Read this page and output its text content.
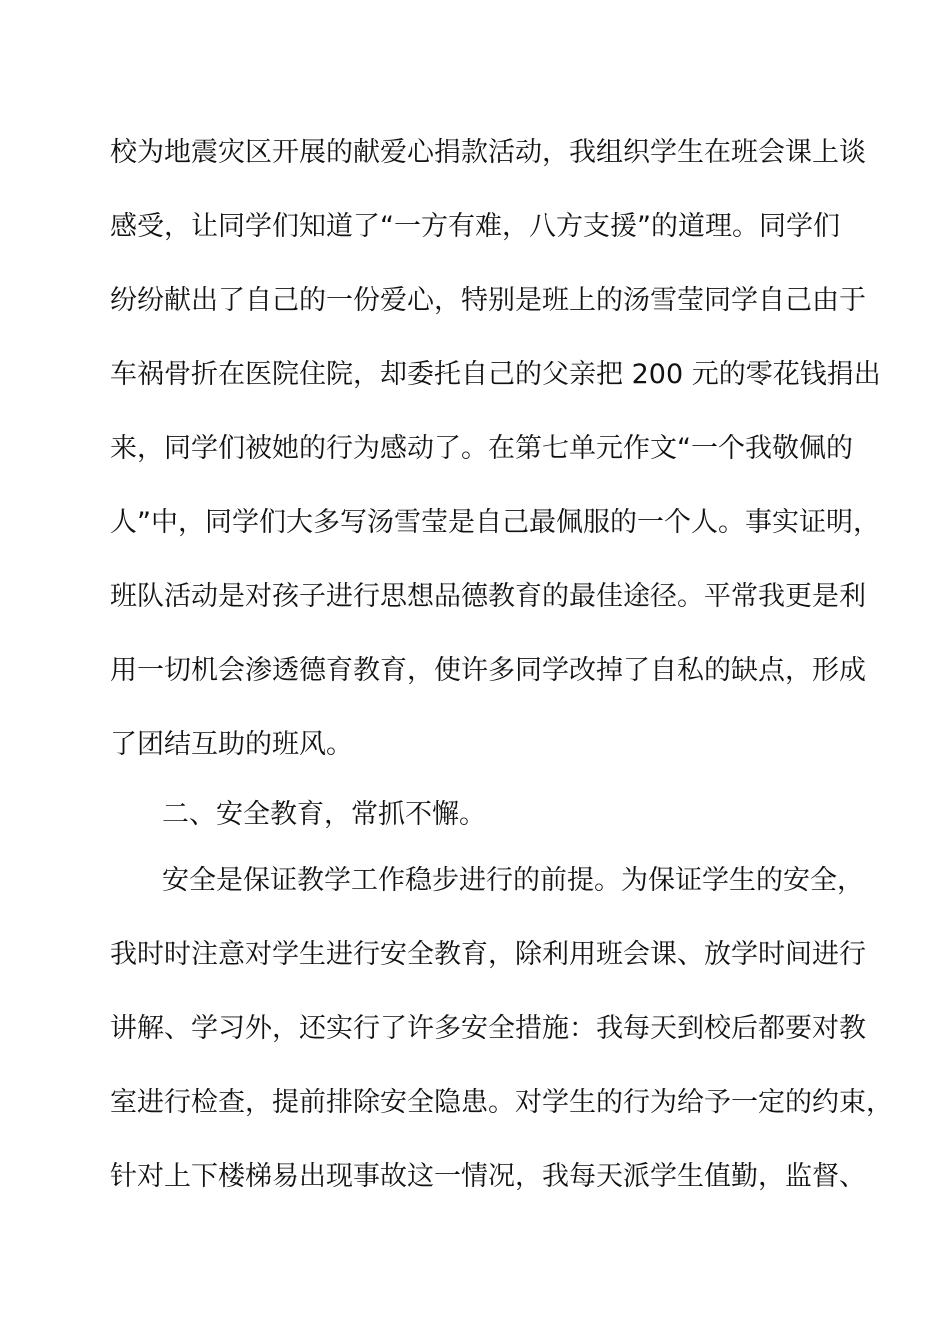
校为地震灾区开展的献爱心捐款活动，我组织学生在班会课上谈
感受，让同学们知道了“一方有难，八方支援”的道理。同学们
纷纷献出了自己的一份爱心，特别是班上的汤雪莹同学自己由于
车祸骨折在医院住院，却委托自己的父亲把 200 元的零花钱捐出
来，同学们被她的行为感动了。在第七单元作文“一个我敬佩的
人”中，同学们大多写汤雪莹是自己最佩服的一个人。事实证明，
班队活动是对孩子进行思想品德教育的最佳途径。平常我更是利
用一切机会渗透德育教育，使许多同学改掉了自私的缺点，形成
了团结互助的班风。
二、安全教育，常抓不懈。
安全是保证教学工作稳步进行的前提。为保证学生的安全，
我时时注意对学生进行安全教育，除利用班会课、放学时间进行
讲解、学习外，还实行了许多安全措施：我每天到校后都要对教
室进行检查，提前排除安全隐患。对学生的行为给予一定的约束，
针对上下楼梯易出现事故这一情况，我每天派学生值勤，监督、
